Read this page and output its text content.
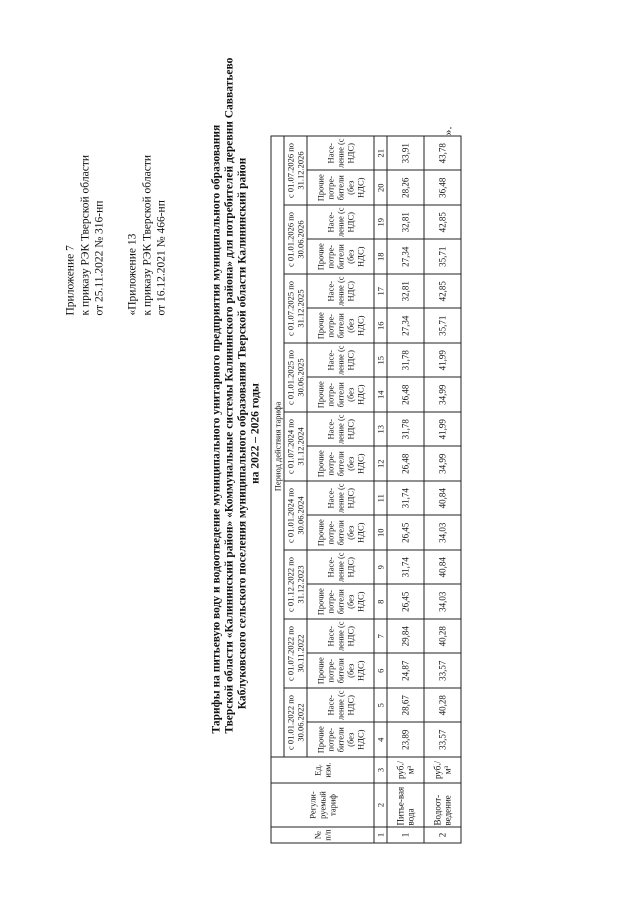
Приложение 7 к приказу РЭК Тверской области от 25.11.2022 № 316-нп «Приложение 13 к приказу РЭК Тверской области от 16.12.2021 № 466-нп	Тарифы на питьевую воду и водоотведение муниципального унитарного предприятия муниципального образования Тверской области «Калининский район» «Коммунальные системы Калининского района» для потребителей деревни Савватьево Каблуковского сельского поселения муниципального образования Тверской области Калининский район на 2022 – 2026 годы
№ п/п	Регули-руемый тариф	Ед. изм.	Период действия тарифа																	
			с 01.01.2022 по 30.06.2022		с 01.07.2022 по 30.11.2022		с 01.12.2022 по 31.12.2023		с 01.01.2024 по 30.06.2024		с 01.07.2024 по 31.12.2024		с 01.01.2025 по 30.06.2025		с 01.07.2025 по 31.12.2025		с 01.01.2026 по 30.06.2026		с 01.07.2026 по 31.12.2026	
			Прочие потре-бители (без НДС)	Насе-ление (с НДС)	Прочие потре-бители (без НДС)	Насе-ление (с НДС)	Прочие потре-бители (без НДС)	Насе-ление (с НДС)	Прочие потре-бители (без НДС)	Насе-ление (с НДС)	Прочие потре-бители (без НДС)	Насе-ление (с НДС)	Прочие потре-бители (без НДС)	Насе-ление (с НДС)	Прочие потре-бители (без НДС)	Насе-ление (с НДС)	Прочие потре-бители (без НДС)	Насе-ление (с НДС)	Прочие потре-бители (без НДС)	Насе-ление (с НДС)
1	2	3	4	5	6	7	8	9	10	11	12	13	14	15	16	17	18	19	20	21
1	Питье-вая вода	руб./м³	23,89	28,67	24,87	29,84	26,45	31,74	26,45	31,74	26,48	31,78	26,48	31,78	27,34	32,81	27,34	32,81	28,26	33,91
2	Водоот-ведение	руб./м³	33,57	40,28	33,57	40,28	34,03	40,84	34,03	40,84	34,99	41,99	34,99	41,99	35,71	42,85	35,71	42,85	36,48	43,78
».
